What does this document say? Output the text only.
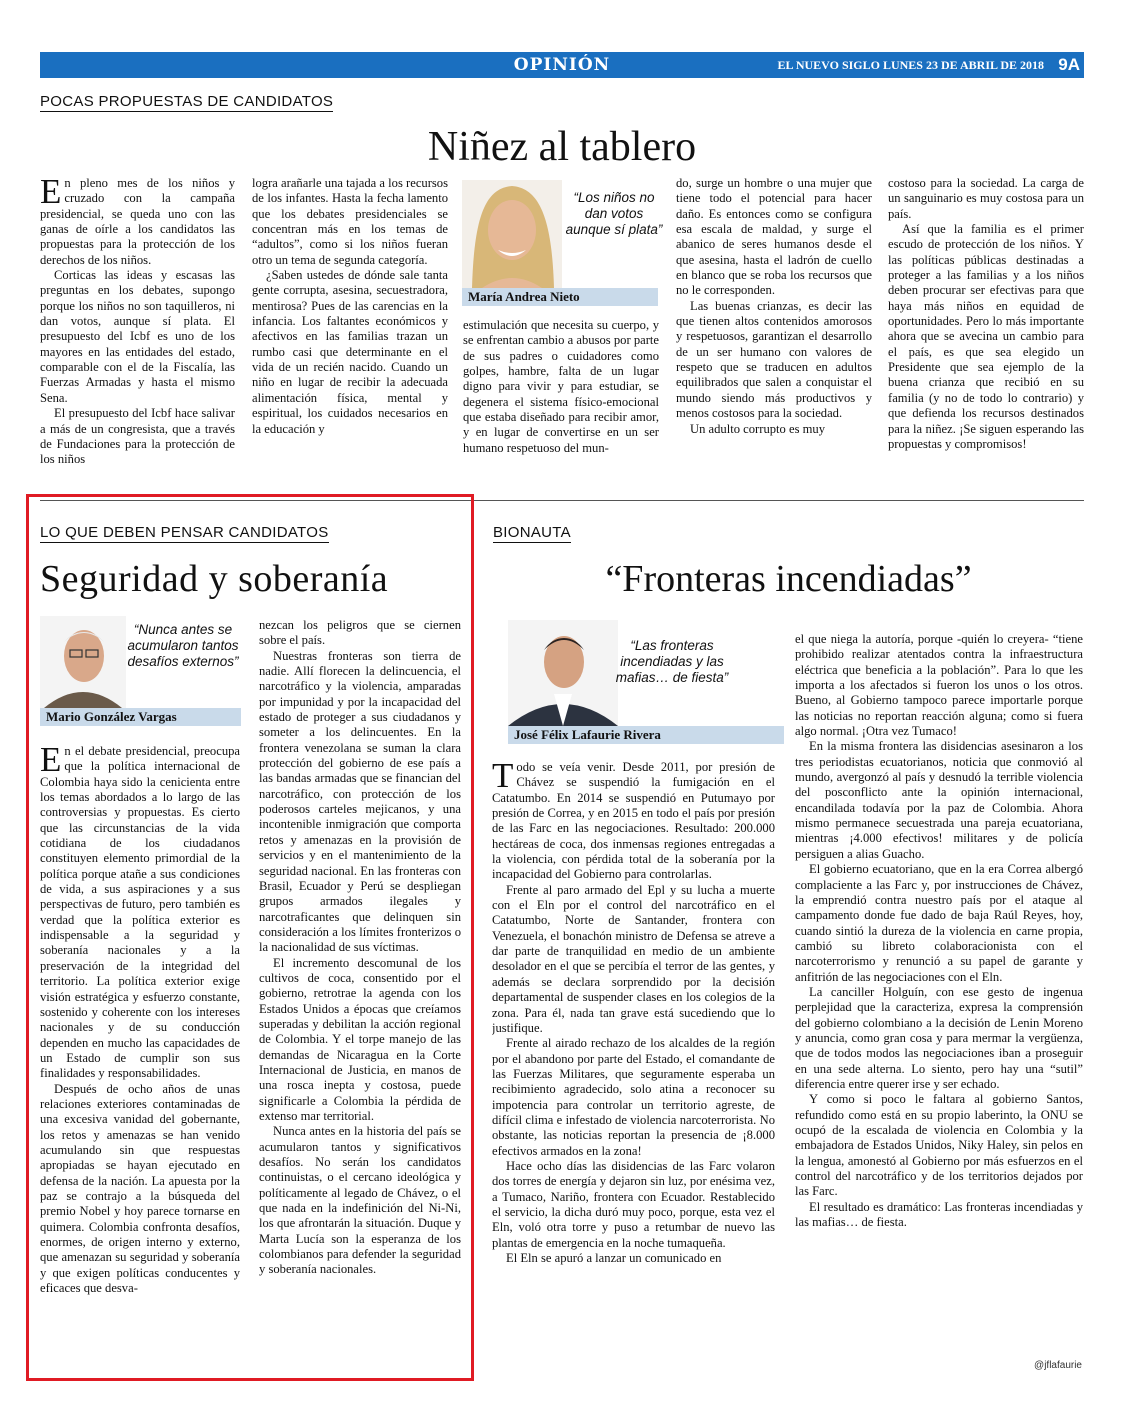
OPINIÓN	EL NUEVO SIGLO LUNES 23 DE ABRIL DE 2018 9A
POCAS PROPUESTAS DE CANDIDATOS
Niñez al tablero

En pleno mes de los niños y cruzado con la campaña presidencial, se queda uno con las ganas de oírle a los candidatos las propuestas para la protección de los derechos de los niños.

Corticas las ideas y escasas las preguntas en los debates, supongo porque los niños no son taquilleros, ni dan votos, aunque sí plata. El presupuesto del Icbf es uno de los mayores en las entidades del estado, comparable con el de la Fiscalía, las Fuerzas Armadas y hasta el mismo Sena.

El presupuesto del Icbf hace salivar a más de un congresista, que a través de Fundaciones para la protección de los niños

logra arañarle una tajada a los recursos de los infantes. Hasta la fecha lamento que los debates presidenciales se concentran más en los temas de “adultos”, como si los niños fueran otro un tema de segunda categoría.

¿Saben ustedes de dónde sale tanta gente corrupta, asesina, secuestradora, mentirosa? Pues de las carencias en la infancia. Los faltantes económicos y afectivos en las familias trazan un rumbo casi que determinante en el vida de un recién nacido. Cuando un niño en lugar de recibir la adecuada alimentación física, mental y espiritual, los cuidados necesarios en la educación y

“Los niños no dan votos aunque sí plata”
María Andrea Nieto

estimulación que necesita su cuerpo, y se enfrentan cambio a abusos por parte de sus padres o cuidadores como golpes, hambre, falta de un lugar digno para vivir y para estudiar, se degenera el sistema físico-emocional que estaba diseñado para recibir amor, y en lugar de convertirse en un ser humano respetuoso del mun-

do, surge un hombre o una mujer que tiene todo el potencial para hacer daño. Es entonces como se configura esa escala de maldad, y surge el abanico de seres humanos desde el que asesina, hasta el ladrón de cuello en blanco que se roba los recursos que no le corresponden.

Las buenas crianzas, es decir las que tienen altos contenidos amorosos y respetuosos, garantizan el desarrollo de un ser humano con valores de respeto que se traducen en adultos equilibrados que salen a conquistar el mundo siendo más productivos y menos costosos para la sociedad.

Un adulto corrupto es muy

costoso para la sociedad. La carga de un sanguinario es muy costosa para un país.

Así que la familia es el primer escudo de protección de los niños. Y las políticas públicas destinadas a proteger a las familias y a los niños deben procurar ser efectivas para que haya más niños en equidad de oportunidades. Pero lo más importante ahora que se avecina un cambio para el país, es que sea elegido un Presidente que sea ejemplo de la buena crianza que recibió en su familia (y no de todo lo contrario) y que defienda los recursos destinados para la niñez. ¡Se siguen esperando las propuestas y compromisos!

LO QUE DEBEN PENSAR CANDIDATOS
Seguridad y soberanía
“Nunca antes se acumularon tantos desafíos externos”
Mario González Vargas

En el debate presidencial, preocupa que la política internacional de Colombia haya sido la cenicienta entre los temas abordados a lo largo de las controversias y propuestas. Es cierto que las circunstancias de la vida cotidiana de los ciudadanos constituyen elemento primordial de la política porque atañe a sus condiciones de vida, a sus aspiraciones y a sus perspectivas de futuro, pero también es verdad que la política exterior es indispensable a la seguridad y soberanía nacionales y a la preservación de la integridad del territorio. La política exterior exige visión estratégica y esfuerzo constante, sostenido y coherente con los intereses nacionales y de su conducción dependen en mucho las capacidades de un Estado de cumplir son sus finalidades y responsabilidades.

Después de ocho años de unas relaciones exteriores contaminadas de una excesiva vanidad del gobernante, los retos y amenazas se han venido acumulando sin que respuestas apropiadas se hayan ejecutado en defensa de la nación. La apuesta por la paz se contrajo a la búsqueda del premio Nobel y hoy parece tornarse en quimera. Colombia confronta desafíos, enormes, de origen interno y externo, que amenazan su seguridad y soberanía y que exigen políticas conducentes y eficaces que desva-

nezcan los peligros que se ciernen sobre el país.

Nuestras fronteras son tierra de nadie. Allí florecen la delincuencia, el narcotráfico y la violencia, amparadas por impunidad y por la incapacidad del estado de proteger a sus ciudadanos y someter a los delincuentes. En la frontera venezolana se suman la clara protección del gobierno de ese país a las bandas armadas que se financian del narcotráfico, con protección de los poderosos carteles mejicanos, y una incontenible inmigración que comporta retos y amenazas en la provisión de servicios y en el mantenimiento de la seguridad nacional. En las fronteras con Brasil, Ecuador y Perú se despliegan grupos armados ilegales y narcotraficantes que delinquen sin consideración a los límites fronterizos o la nacionalidad de sus víctimas.

El incremento descomunal de los cultivos de coca, consentido por el gobierno, retrotrae la agenda con los Estados Unidos a épocas que creíamos superadas y debilitan la acción regional de Colombia. Y el torpe manejo de las demandas de Nicaragua en la Corte Internacional de Justicia, en manos de una rosca inepta y costosa, puede significarle a Colombia la pérdida de extenso mar territorial.

Nunca antes en la historia del país se acumularon tantos y significativos desafíos. No serán los candidatos continuistas, o el cercano ideológica y políticamente al legado de Chávez, o el que nada en la indefinición del Ni-Ni, los que afrontarán la situación. Duque y Marta Lucía son la esperanza de los colombianos para defender la seguridad y soberanía nacionales.

BIONAUTA
“Fronteras incendiadas”
“Las fronteras incendiadas y las mafias… de fiesta”
José Félix Lafaurie Rivera

Todo se veía venir. Desde 2011, por presión de Chávez se suspendió la fumigación en el Catatumbo. En 2014 se suspendió en Putumayo por presión de Correa, y en 2015 en todo el país por presión de las Farc en las negociaciones. Resultado: 200.000 hectáreas de coca, dos inmensas regiones entregadas a la violencia, con pérdida total de la soberanía por la incapacidad del Gobierno para controlarlas.

Frente al paro armado del Epl y su lucha a muerte con el Eln por el control del narcotráfico en el Catatumbo, Norte de Santander, frontera con Venezuela, el bonachón ministro de Defensa se atreve a dar parte de tranquilidad en medio de un ambiente desolador en el que se percibía el terror de las gentes, y además se declara sorprendido por la decisión departamental de suspender clases en los colegios de la zona. Para él, nada tan grave está sucediendo que lo justifique.

Frente al airado rechazo de los alcaldes de la región por el abandono por parte del Estado, el comandante de las Fuerzas Militares, que seguramente esperaba un recibimiento agradecido, solo atina a reconocer su impotencia para controlar un territorio agreste, de difícil clima e infestado de violencia narcoterrorista. No obstante, las noticias reportan la presencia de ¡8.000 efectivos armados en la zona!

Hace ocho días las disidencias de las Farc volaron dos torres de energía y dejaron sin luz, por enésima vez, a Tumaco, Nariño, frontera con Ecuador. Restablecido el servicio, la dicha duró muy poco, porque, esta vez el Eln, voló otra torre y puso a retumbar de nuevo las plantas de emergencia en la noche tumaqueña.

El Eln se apuró a lanzar un comunicado en

el que niega la autoría, porque -quién lo creyera- “tiene prohibido realizar atentados contra la infraestructura eléctrica que beneficia a la población”. Para lo que les importa a los afectados si fueron los unos o los otros. Bueno, al Gobierno tampoco parece importarle porque las noticias no reportan reacción alguna; como si fuera algo normal. ¡Otra vez Tumaco!

En la misma frontera las disidencias asesinaron a los tres periodistas ecuatorianos, noticia que conmovió al mundo, avergonzó al país y desnudó la terrible violencia del posconflicto ante la opinión internacional, encandilada todavía por la paz de Colombia. Ahora mismo permanece secuestrada una pareja ecuatoriana, mientras ¡4.000 efectivos! militares y de policía persiguen a alias Guacho.

El gobierno ecuatoriano, que en la era Correa albergó complaciente a las Farc y, por instrucciones de Chávez, la emprendió contra nuestro país por el ataque al campamento donde fue dado de baja Raúl Reyes, hoy, cuando sintió la dureza de la violencia en carne propia, cambió su libreto colaboracionista con el narcoterrorismo y renunció a su papel de garante y anfitrión de las negociaciones con el Eln.

La canciller Holguín, con ese gesto de ingenua perplejidad que la caracteriza, expresa la comprensión del gobierno colombiano a la decisión de Lenin Moreno y anuncia, como gran cosa y para mermar la vergüenza, que de todos modos las negociaciones iban a proseguir en una sede alterna. Lo siento, pero hay una “sutil” diferencia entre querer irse y ser echado.

Y como si poco le faltara al gobierno Santos, refundido como está en su propio laberinto, la ONU se ocupó de la escalada de violencia en Colombia y la embajadora de Estados Unidos, Niky Haley, sin pelos en la lengua, amonestó al Gobierno por más esfuerzos en el control del narcotráfico y de los territorios dejados por las Farc.

El resultado es dramático: Las fronteras incendiadas y las mafias… de fiesta.

@jflafaurie
